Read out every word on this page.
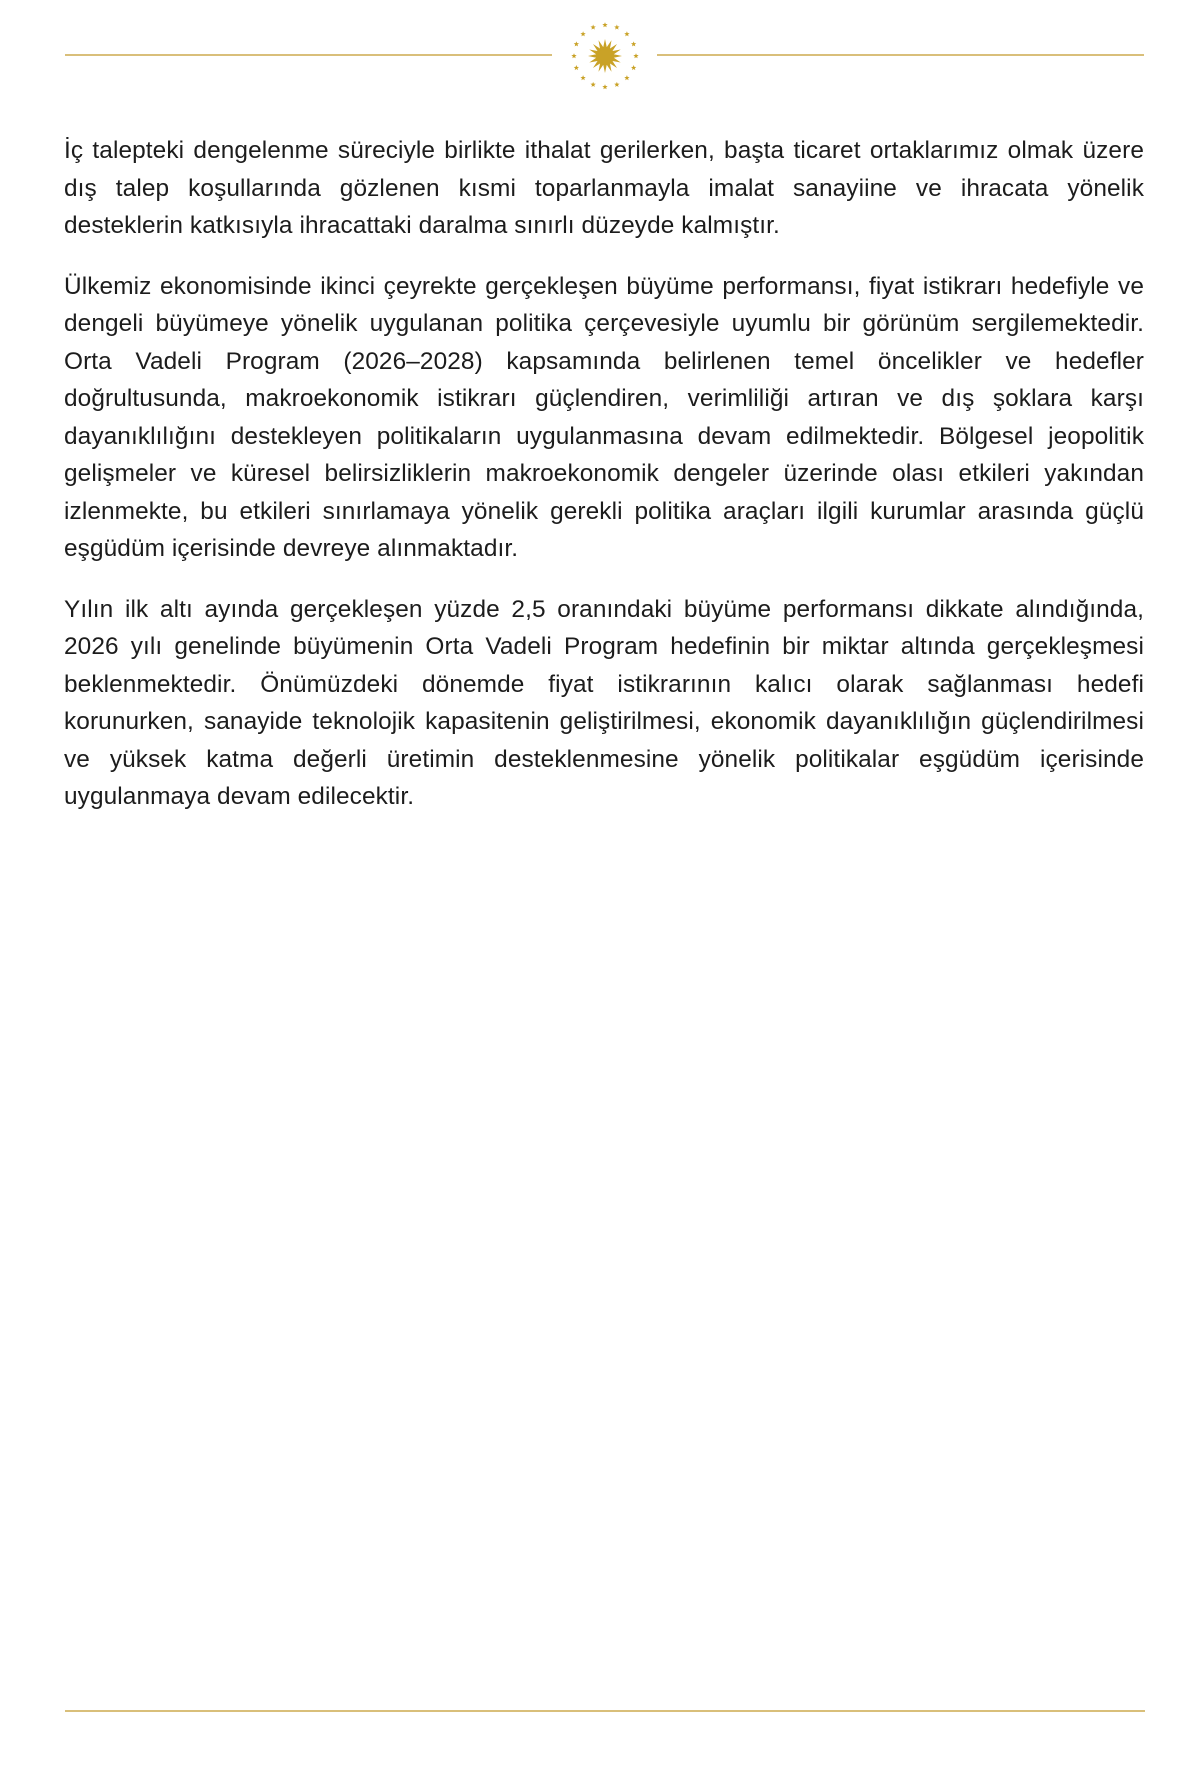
İç talepteki dengelenme süreciyle birlikte ithalat gerilerken, başta ticaret ortaklarımız olmak üzere dış talep koşullarında gözlenen kısmi toparlanmayla imalat sanayiine ve ihracata yönelik desteklerin katkısıyla ihracattaki daralma sınırlı düzeyde kalmıştır.

Ülkemiz ekonomisinde ikinci çeyrekte gerçekleşen büyüme performansı, fiyat istikrarı hedefiyle ve dengeli büyümeye yönelik uygulanan politika çerçevesiyle uyumlu bir görünüm sergilemektedir. Orta Vadeli Program (2026–2028) kapsamında belirlenen temel öncelikler ve hedefler doğrultusunda, makroekonomik istikrarı güçlendiren, verimliliği artıran ve dış şoklara karşı dayanıklılığını destekleyen politikaların uygulanmasına devam edilmektedir. Bölgesel jeopolitik gelişmeler ve küresel belirsizliklerin makroekonomik dengeler üzerinde olası etkileri yakından izlenmekte, bu etkileri sınırlamaya yönelik gerekli politika araçları ilgili kurumlar arasında güçlü eşgüdüm içerisinde devreye alınmaktadır.

Yılın ilk altı ayında gerçekleşen yüzde 2,5 oranındaki büyüme performansı dikkate alındığında, 2026 yılı genelinde büyümenin Orta Vadeli Program hedefinin bir miktar altında gerçekleşmesi beklenmektedir. Önümüzdeki dönemde fiyat istikrarının kalıcı olarak sağlanması hedefi korunurken, sanayide teknolojik kapasitenin geliştirilmesi, ekonomik dayanıklılığın güçlendirilmesi ve yüksek katma değerli üretimin desteklenmesine yönelik politikalar eşgüdüm içerisinde uygulanmaya devam edilecektir.
